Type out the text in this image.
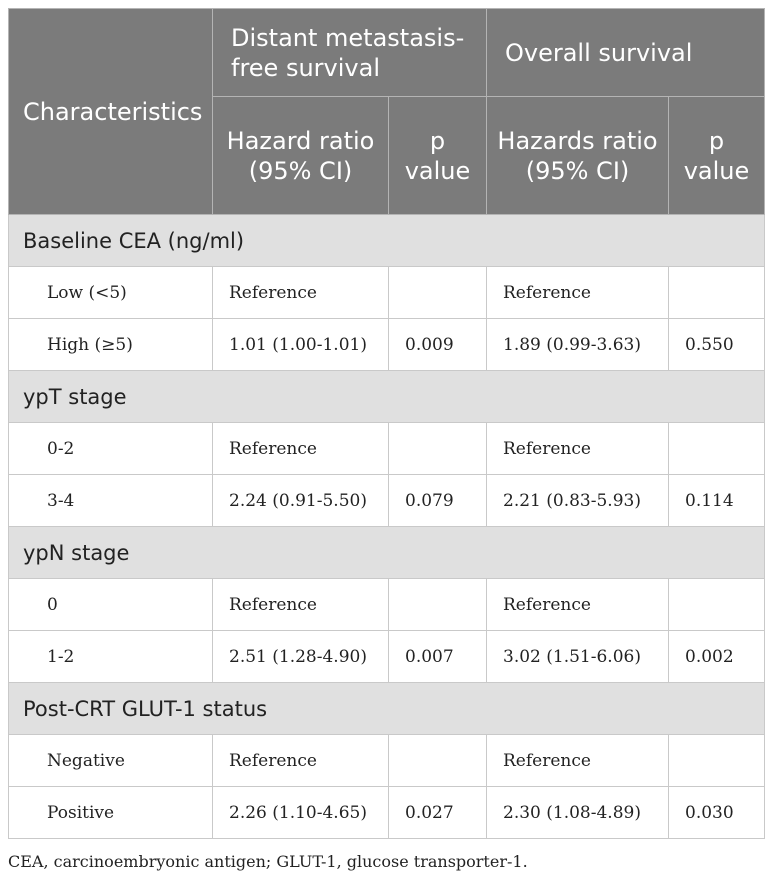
Characteristics	Distant metastasis-free survival		Overall survival	
	Hazard ratio (95% CI)	p value	Hazards ratio (95% CI)	p value
Baseline CEA (ng/ml)				
Low (<5)	Reference		Reference	
High (≥5)	1.01 (1.00-1.01)	0.009	1.89 (0.99-3.63)	0.550
ypT stage				
0-2	Reference		Reference	
3-4	2.24 (0.91-5.50)	0.079	2.21 (0.83-5.93)	0.114
ypN stage				
0	Reference		Reference	
1-2	2.51 (1.28-4.90)	0.007	3.02 (1.51-6.06)	0.002
Post-CRT GLUT-1 status				
Negative	Reference		Reference	
Positive	2.26 (1.10-4.65)	0.027	2.30 (1.08-4.89)	0.030

CEA, carcinoembryonic antigen; GLUT-1, glucose transporter-1.
